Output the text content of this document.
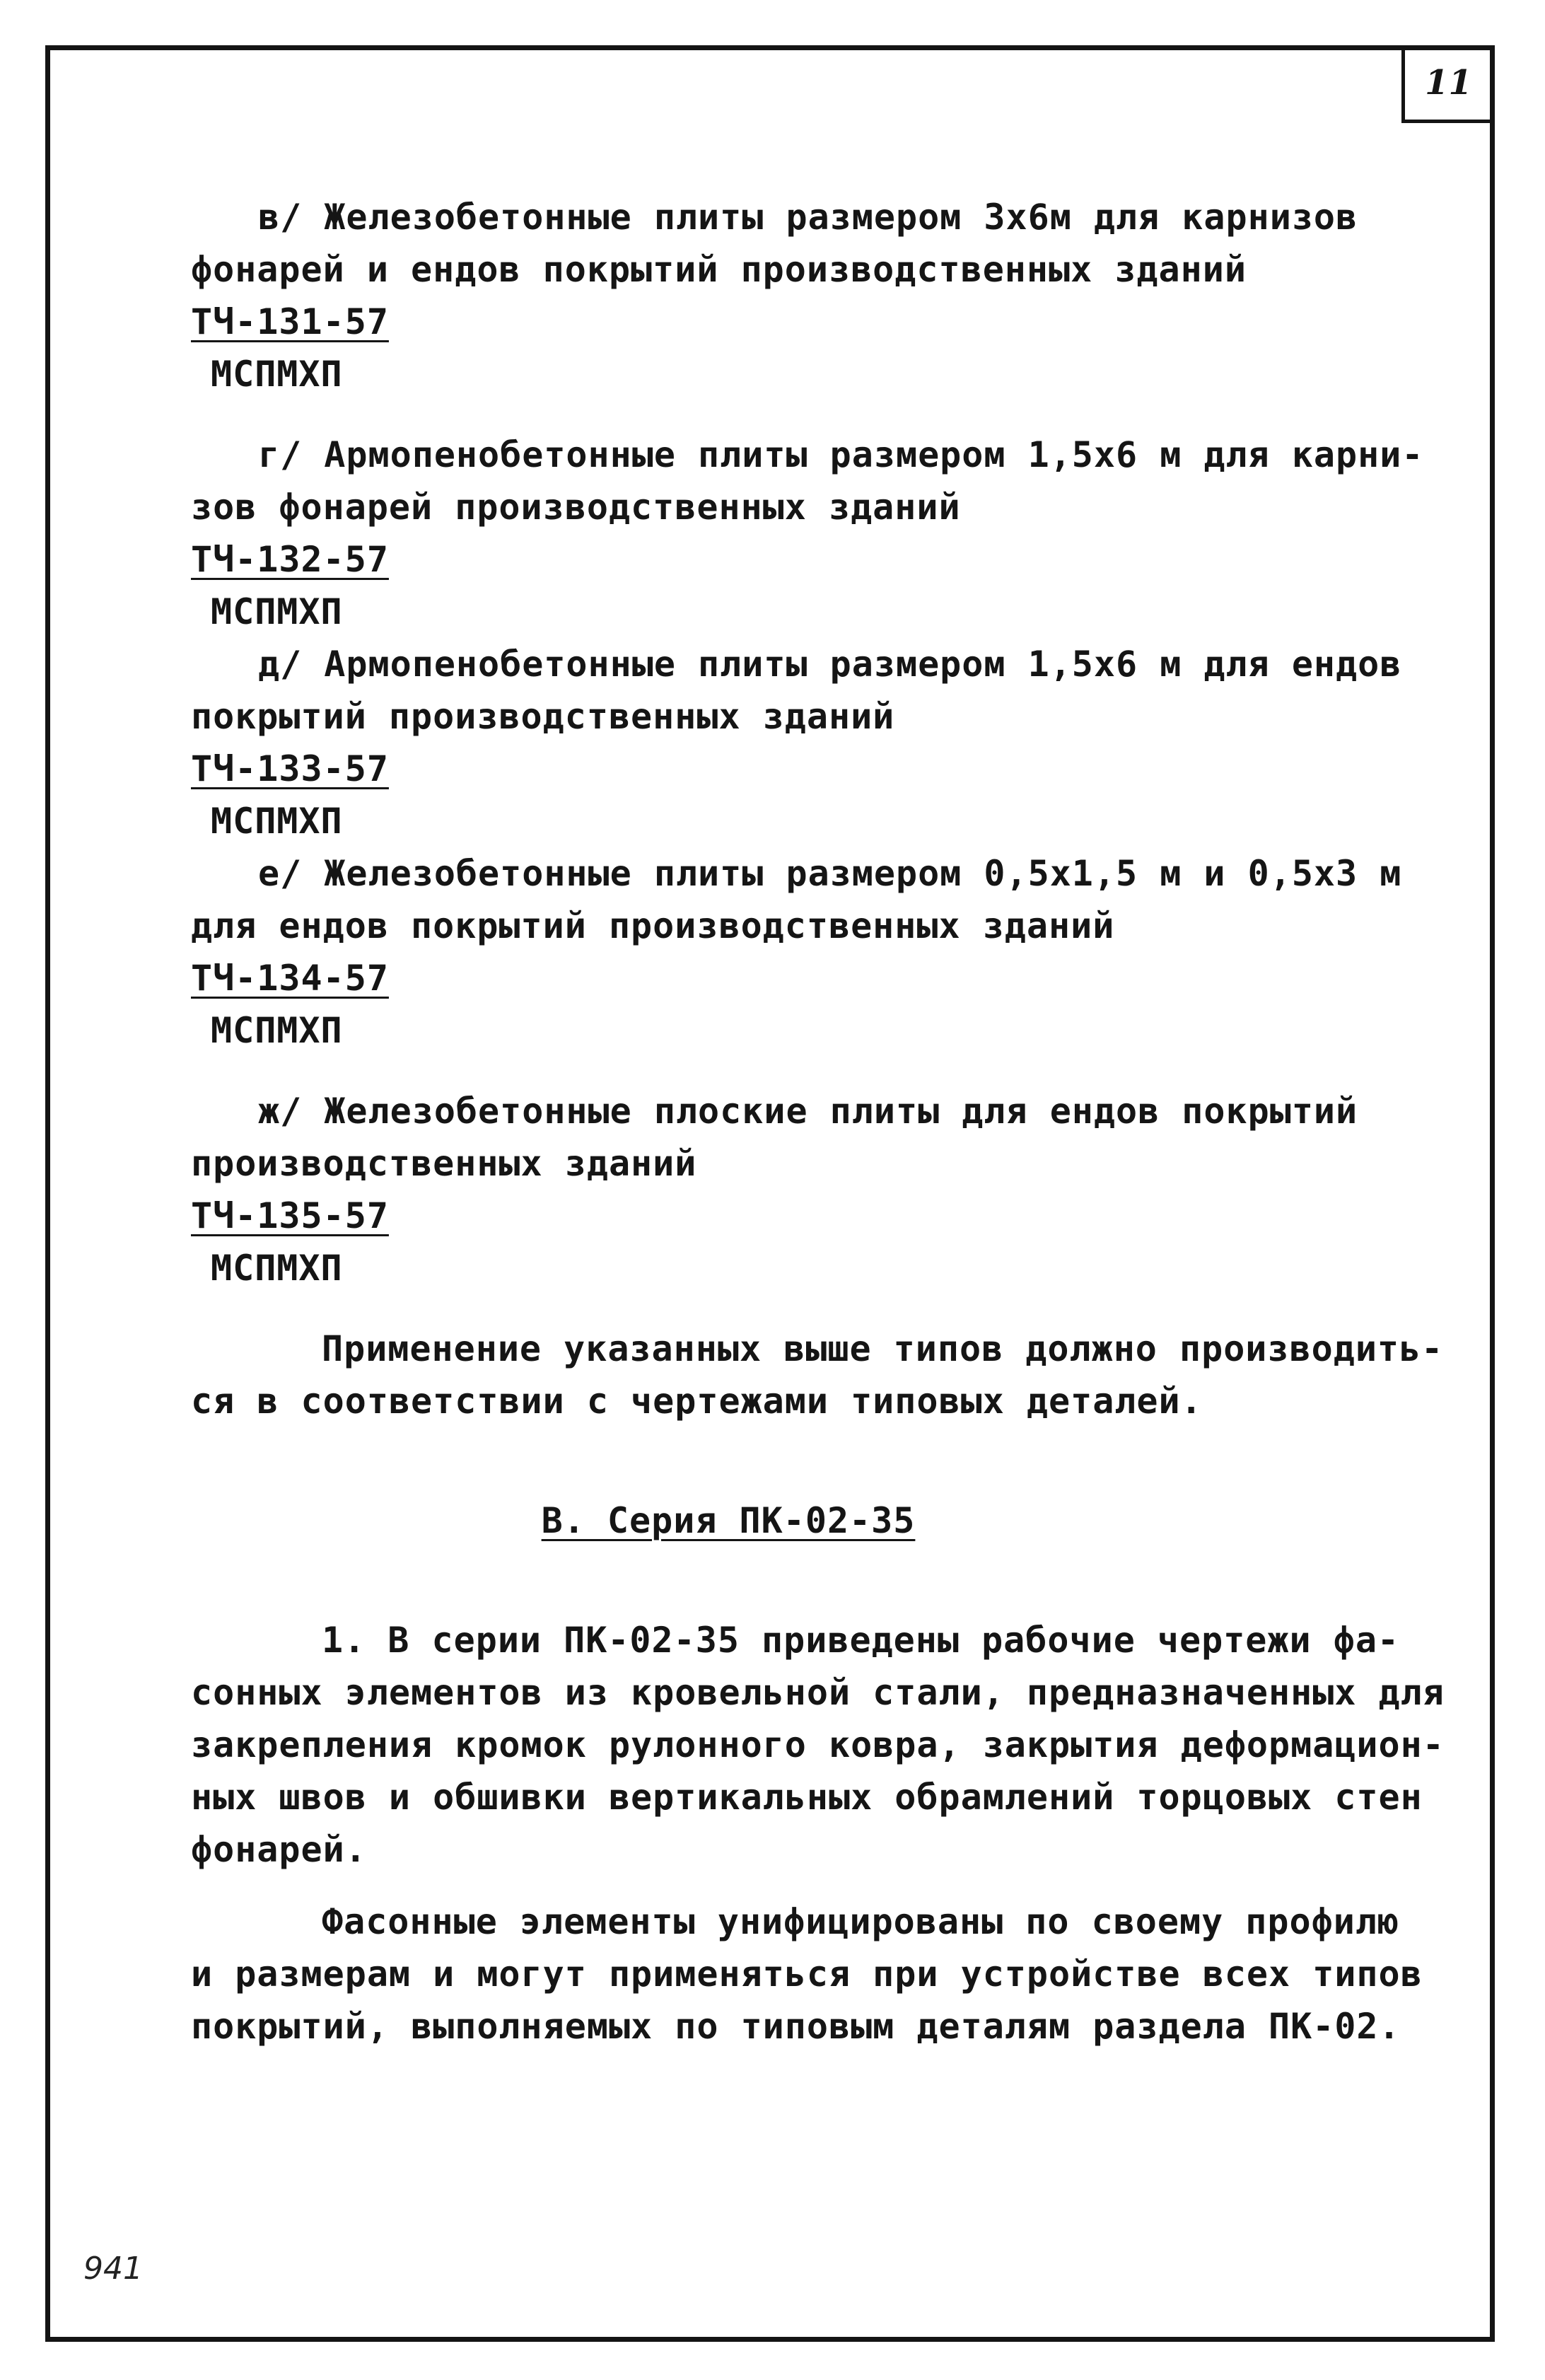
11
в/ Железобетонные плиты размером 3х6м для карнизов
фонарей и ендов покрытий производственных зданий
ТЧ-131-57
МСПМХП
г/ Армопенобетонные плиты размером 1,5х6 м для карни-
зов фонарей производственных зданий
ТЧ-132-57
МСПМХП
д/ Армопенобетонные плиты размером 1,5х6 м для ендов
покрытий производственных зданий
ТЧ-133-57
МСПМХП
е/ Железобетонные плиты размером 0,5х1,5 м и 0,5х3 м
для ендов покрытий производственных зданий
ТЧ-134-57
МСПМХП
ж/ Железобетонные плоские плиты для ендов покрытий
производственных зданий
ТЧ-135-57
МСПМХП
Применение указанных выше типов должно производить-
ся в соответствии с чертежами типовых деталей.
В. Серия ПК-02-35
1. В серии ПК-02-35 приведены рабочие чертежи фа-
сонных элементов из кровельной стали, предназначенных для
закрепления кромок рулонного ковра, закрытия деформацион-
ных швов и обшивки вертикальных обрамлений торцовых стен
фонарей.
Фасонные элементы унифицированы по своему профилю
и размерам и могут применяться при устройстве всех типов
покрытий, выполняемых по типовым деталям раздела ПК-02.
941
